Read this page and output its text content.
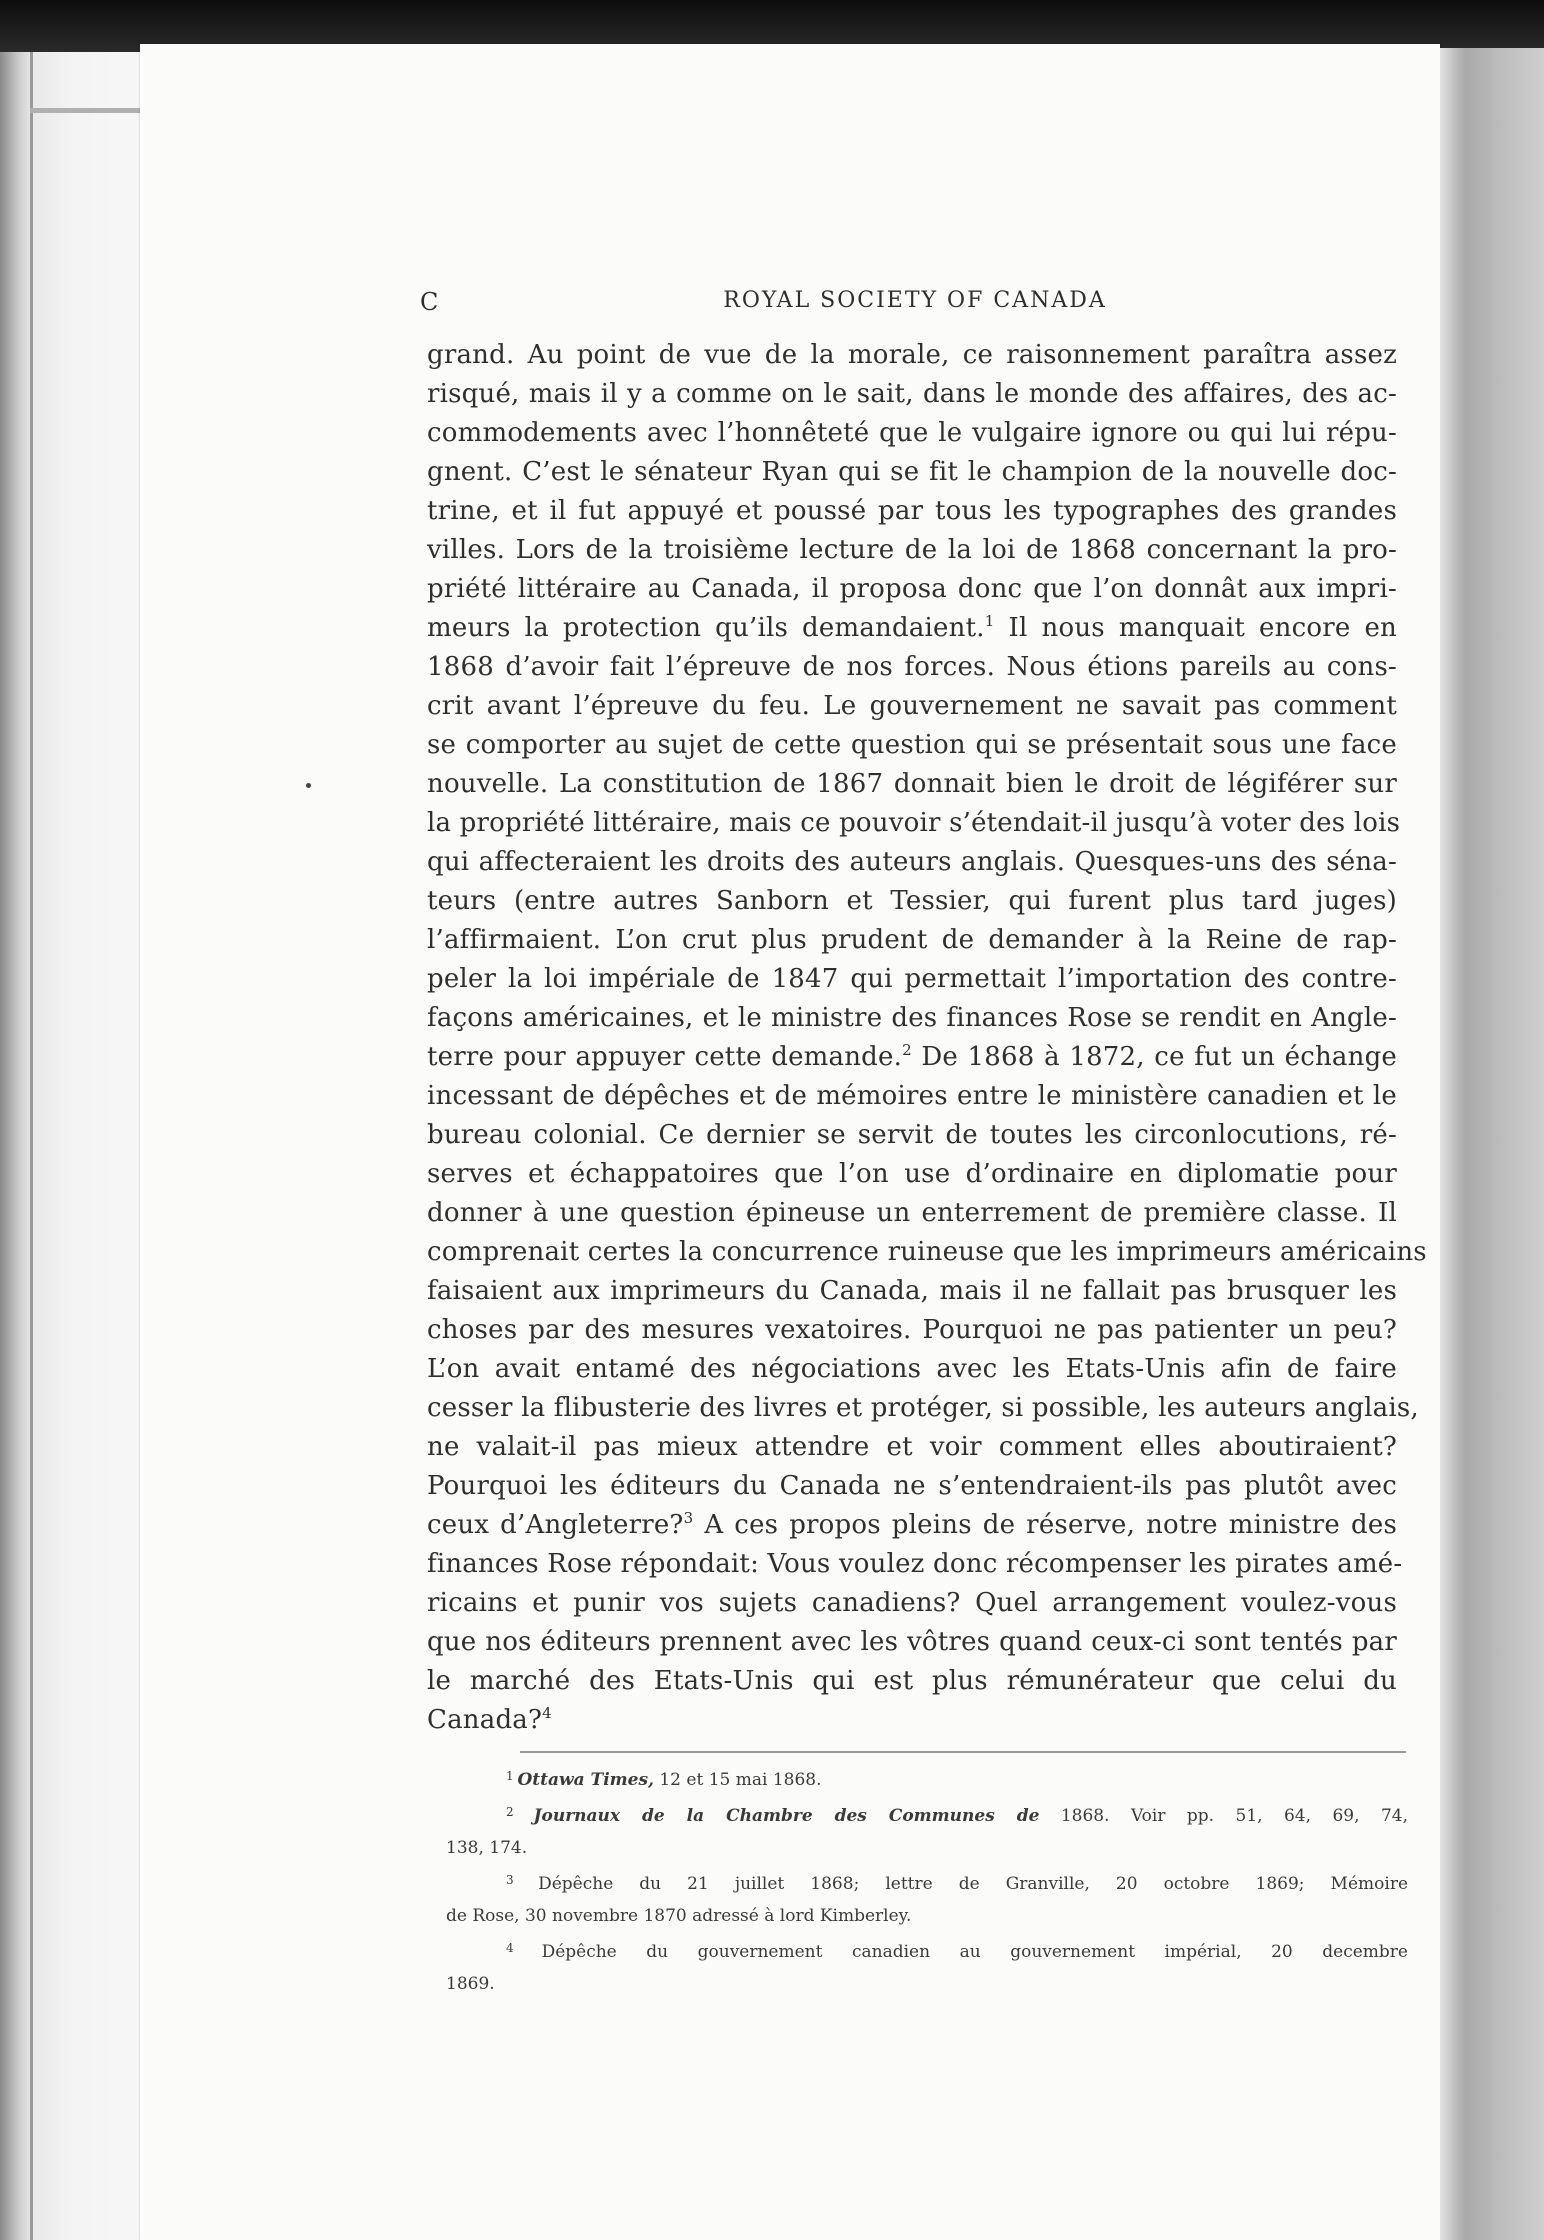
C	ROYAL SOCIETY OF CANADA
grand. Au point de vue de la morale, ce raisonnement paraîtra assez
risqué, mais il y a comme on le sait, dans le monde des affaires, des ac-
commodements avec l’honnêteté que le vulgaire ignore ou qui lui répu-
gnent. C’est le sénateur Ryan qui se fit le champion de la nouvelle doc-
trine, et il fut appuyé et poussé par tous les typographes des grandes
villes. Lors de la troisième lecture de la loi de 1868 concernant la pro-
priété littéraire au Canada, il proposa donc que l’on donnât aux impri-
meurs la protection qu’ils demandaient.$^1$ Il nous manquait encore en
1868 d’avoir fait l’épreuve de nos forces. Nous étions pareils au cons-
crit avant l’épreuve du feu. Le gouvernement ne savait pas comment
se comporter au sujet de cette question qui se présentait sous une face
nouvelle. La constitution de 1867 donnait bien le droit de légiférer sur
la propriété littéraire, mais ce pouvoir s’étendait-il jusqu’à voter des lois
qui affecteraient les droits des auteurs anglais. Quesques-uns des séna-
teurs (entre autres Sanborn et Tessier, qui furent plus tard juges)
l’affirmaient. L’on crut plus prudent de demander à la Reine de rap-
peler la loi impériale de 1847 qui permettait l’importation des contre-
façons américaines, et le ministre des finances Rose se rendit en Angle-
terre pour appuyer cette demande.$^2$ De 1868 à 1872, ce fut un échange
incessant de dépêches et de mémoires entre le ministère canadien et le
bureau colonial. Ce dernier se servit de toutes les circonlocutions, ré-
serves et échappatoires que l’on use d’ordinaire en diplomatie pour
donner à une question épineuse un enterrement de première classe. Il
comprenait certes la concurrence ruineuse que les imprimeurs américains
faisaient aux imprimeurs du Canada, mais il ne fallait pas brusquer les
choses par des mesures vexatoires. Pourquoi ne pas patienter un peu?
L’on avait entamé des négociations avec les Etats-Unis afin de faire
cesser la flibusterie des livres et protéger, si possible, les auteurs anglais,
ne valait-il pas mieux attendre et voir comment elles aboutiraient?
Pourquoi les éditeurs du Canada ne s’entendraient-ils pas plutôt avec
ceux d’Angleterre?$^3$ A ces propos pleins de réserve, notre ministre des
finances Rose répondait: Vous voulez donc récompenser les pirates amé-
ricains et punir vos sujets canadiens? Quel arrangement voulez-vous
que nos éditeurs prennent avec les vôtres quand ceux-ci sont tentés par
le marché des Etats-Unis qui est plus rémunérateur que celui du
Canada?$^4$
$^1$ Ottawa Times, 12 et 15 mai 1868.
$^2$ Journaux de la Chambre des Communes de 1868. Voir pp. 51, 64, 69, 74,
138, 174.
$^3$ Dépêche du 21 juillet 1868; lettre de Granville, 20 octobre 1869; Mémoire
de Rose, 30 novembre 1870 adressé à lord Kimberley.
$^4$ Dépêche du gouvernement canadien au gouvernement impérial, 20 decembre
1869.
